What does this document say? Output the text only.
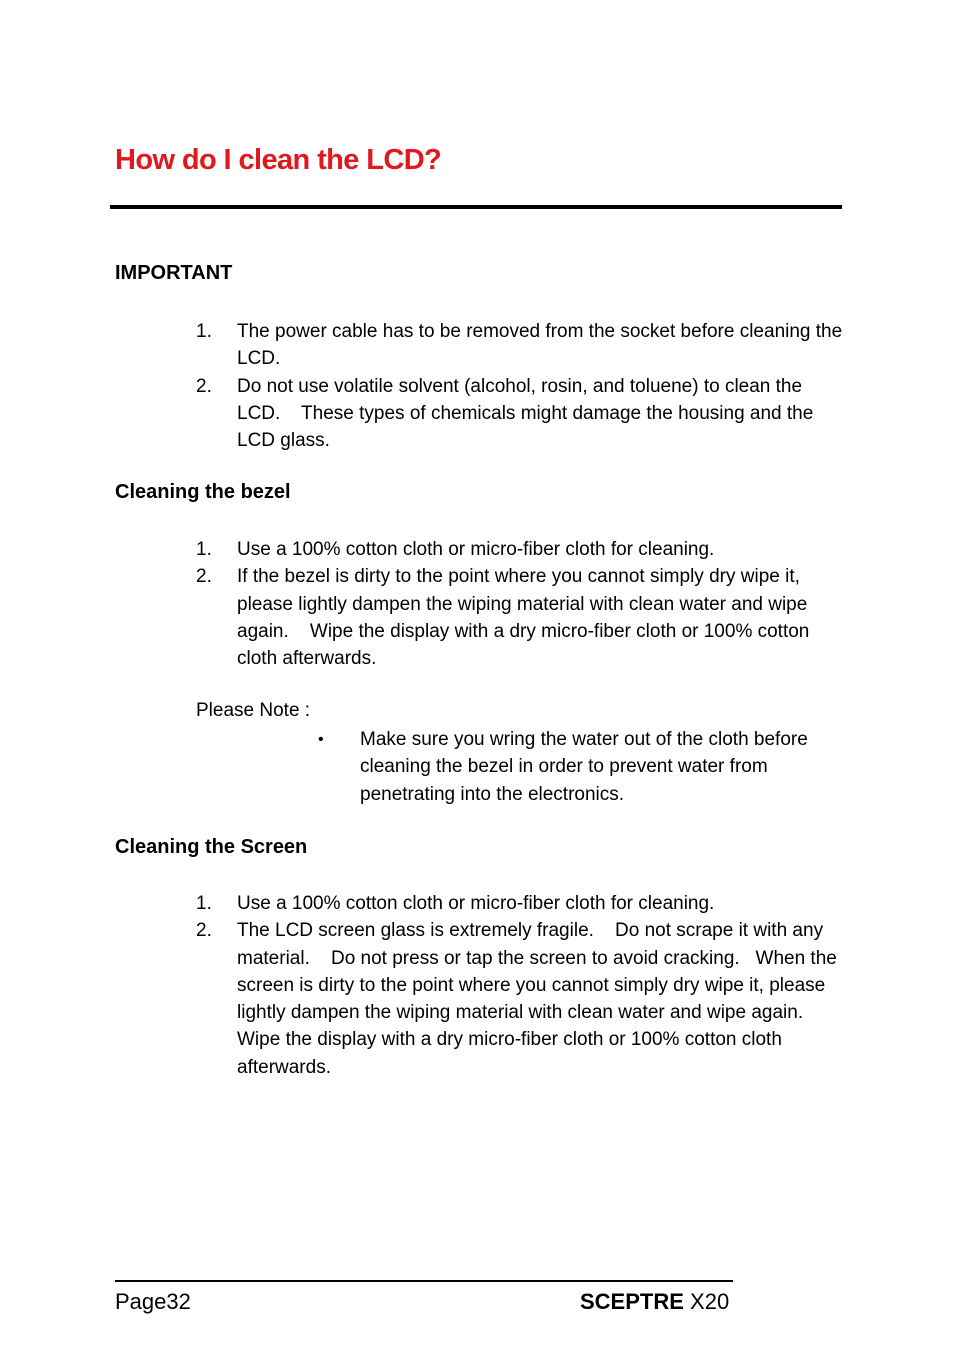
How do I clean the LCD?
IMPORTANT
1. The power cable has to be removed from the socket before cleaning the LCD.
2. Do not use volatile solvent (alcohol, rosin, and toluene) to clean the LCD.    These types of chemicals might damage the housing and the LCD glass.
Cleaning the bezel
1. Use a 100% cotton cloth or micro-fiber cloth for cleaning.
2. If the bezel is dirty to the point where you cannot simply dry wipe it, please lightly dampen the wiping material with clean water and wipe again.    Wipe the display with a dry micro-fiber cloth or 100% cotton cloth afterwards.
Please Note :
• Make sure you wring the water out of the cloth before cleaning the bezel in order to prevent water from penetrating into the electronics.
Cleaning the Screen
1. Use a 100% cotton cloth or micro-fiber cloth for cleaning.
2. The LCD screen glass is extremely fragile.    Do not scrape it with any material.    Do not press or tap the screen to avoid cracking.   When the screen is dirty to the point where you cannot simply dry wipe it, please lightly dampen the wiping material with clean water and wipe again.    Wipe the display with a dry micro-fiber cloth or 100% cotton cloth afterwards.
Page32	SCEPTRE X20
